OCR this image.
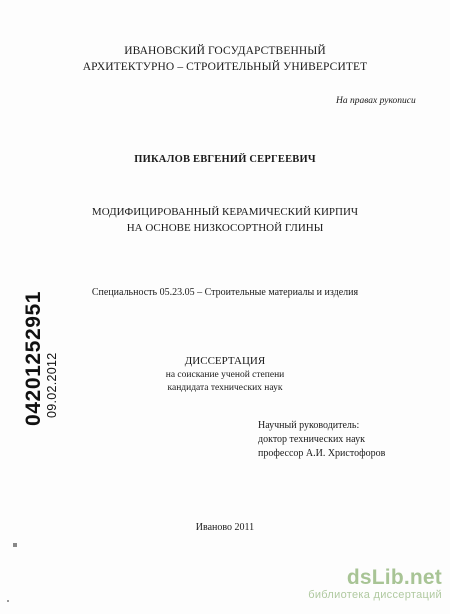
ИВАНОВСКИЙ ГОСУДАРСТВЕННЫЙ
АРХИТЕКТУРНО – СТРОИТЕЛЬНЫЙ УНИВЕРСИТЕТ
На правах рукописи
ПИКАЛОВ ЕВГЕНИЙ СЕРГЕЕВИЧ
МОДИФИЦИРОВАННЫЙ КЕРАМИЧЕСКИЙ КИРПИЧ
НА ОСНОВЕ НИЗКОСОРТНОЙ ГЛИНЫ
Специальность 05.23.05 – Строительные материалы и изделия
ДИССЕРТАЦИЯ
на соискание ученой степени
кандидата технических наук
Научный руководитель:
доктор технических наук
профессор А.И. Христофоров
Иваново 2011
04201252951 09.02.2012
dsLib.net
библиотека диссертаций
